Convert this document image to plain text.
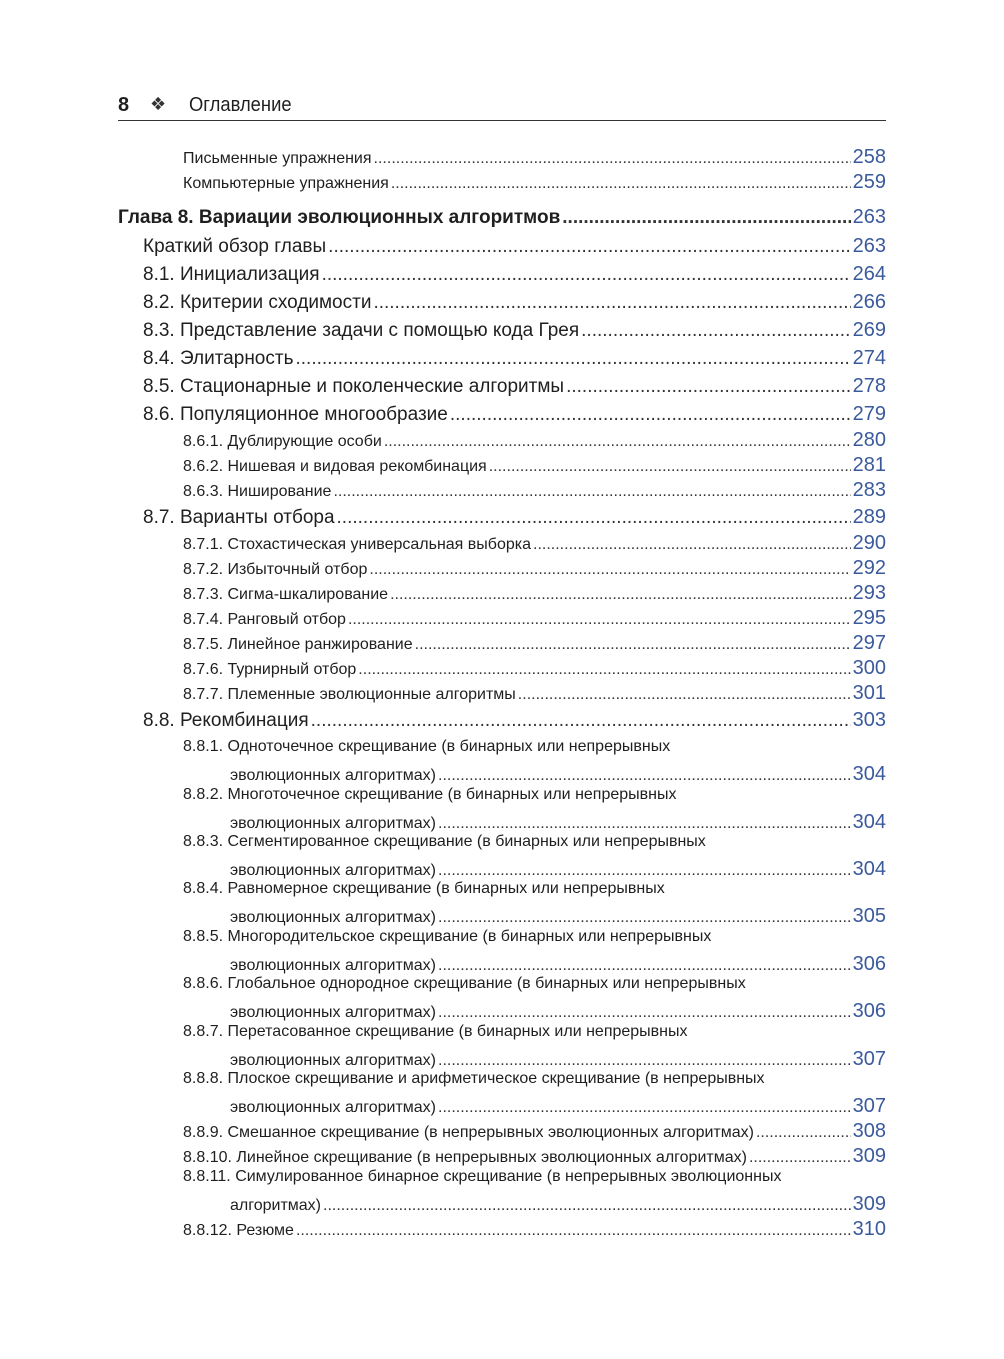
8 ❖ Оглавление
Письменные упражнения .....	258
Компьютерные упражнения .....	259
Глава 8. Вариации эволюционных алгоритмов .....	263
Краткий обзор главы .....	263
8.1. Инициализация .....	264
8.2. Критерии сходимости .....	266
8.3. Представление задачи с помощью кода Грея .....	269
8.4. Элитарность .....	274
8.5. Стационарные и поколенческие алгоритмы .....	278
8.6. Популяционное многообразие .....	279
8.6.1. Дублирующие особи .....	280
8.6.2. Нишевая и видовая рекомбинация .....	281
8.6.3. Ниширование .....	283
8.7. Варианты отбора .....	289
8.7.1. Стохастическая универсальная выборка .....	290
8.7.2. Избыточный отбор .....	292
8.7.3. Сигма-шкалирование .....	293
8.7.4. Ранговый отбор .....	295
8.7.5. Линейное ранжирование .....	297
8.7.6. Турнирный отбор .....	300
8.7.7. Племенные эволюционные алгоритмы .....	301
8.8. Рекомбинация .....	303
8.8.1. Одноточечное скрещивание (в бинарных или непрерывных
эволюционных алгоритмах) .....	304
8.8.2. Многоточечное скрещивание (в бинарных или непрерывных
эволюционных алгоритмах) .....	304
8.8.3. Сегментированное скрещивание (в бинарных или непрерывных
эволюционных алгоритмах) .....	304
8.8.4. Равномерное скрещивание (в бинарных или непрерывных
эволюционных алгоритмах) .....	305
8.8.5. Многородительское скрещивание (в бинарных или непрерывных
эволюционных алгоритмах) .....	306
8.8.6. Глобальное однородное скрещивание (в бинарных или непрерывных
эволюционных алгоритмах) .....	306
8.8.7. Перетасованное скрещивание (в бинарных или непрерывных
эволюционных алгоритмах) .....	307
8.8.8. Плоское скрещивание и арифметическое скрещивание (в непрерывных
эволюционных алгоритмах) .....	307
8.8.9. Смешанное скрещивание (в непрерывных эволюционных алгоритмах) .....	308
8.8.10. Линейное скрещивание (в непрерывных эволюционных алгоритмах) .....	309
8.8.11. Симулированное бинарное скрещивание (в непрерывных эволюционных
алгоритмах) .....	309
8.8.12. Резюме .....	310
